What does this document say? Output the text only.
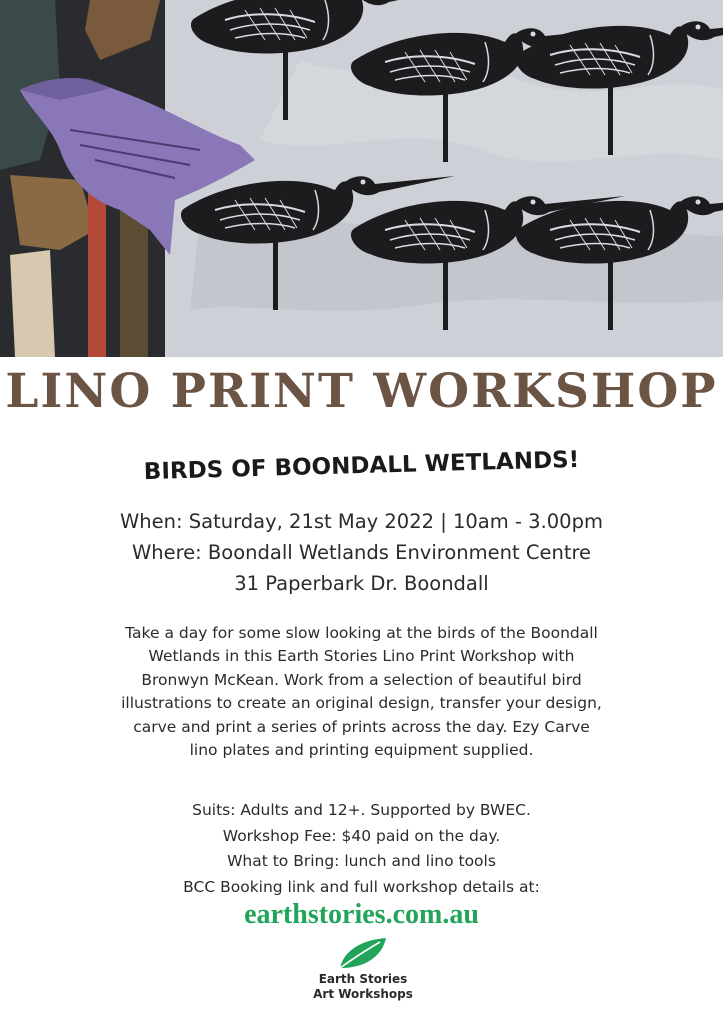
LINO PRINT WORKSHOP
BIRDS OF BOONDALL WETLANDS!
When: Saturday, 21st May 2022 | 10am - 3.00pm
Where: Boondall Wetlands Environment Centre
31 Paperbark Dr. Boondall
Take a day for some slow looking at the birds of the Boondall
Wetlands in this Earth Stories Lino Print Workshop with
Bronwyn McKean. Work from a selection of beautiful bird
illustrations to create an original design, transfer your design,
carve and print a series of prints across the day. Ezy Carve
lino plates and printing equipment supplied.
Suits: Adults and 12+. Supported by BWEC.
Workshop Fee: $40 paid on the day.
What to Bring: lunch and lino tools
BCC Booking link and full workshop details at:
earthstories.com.au
Earth Stories
Art Workshops
